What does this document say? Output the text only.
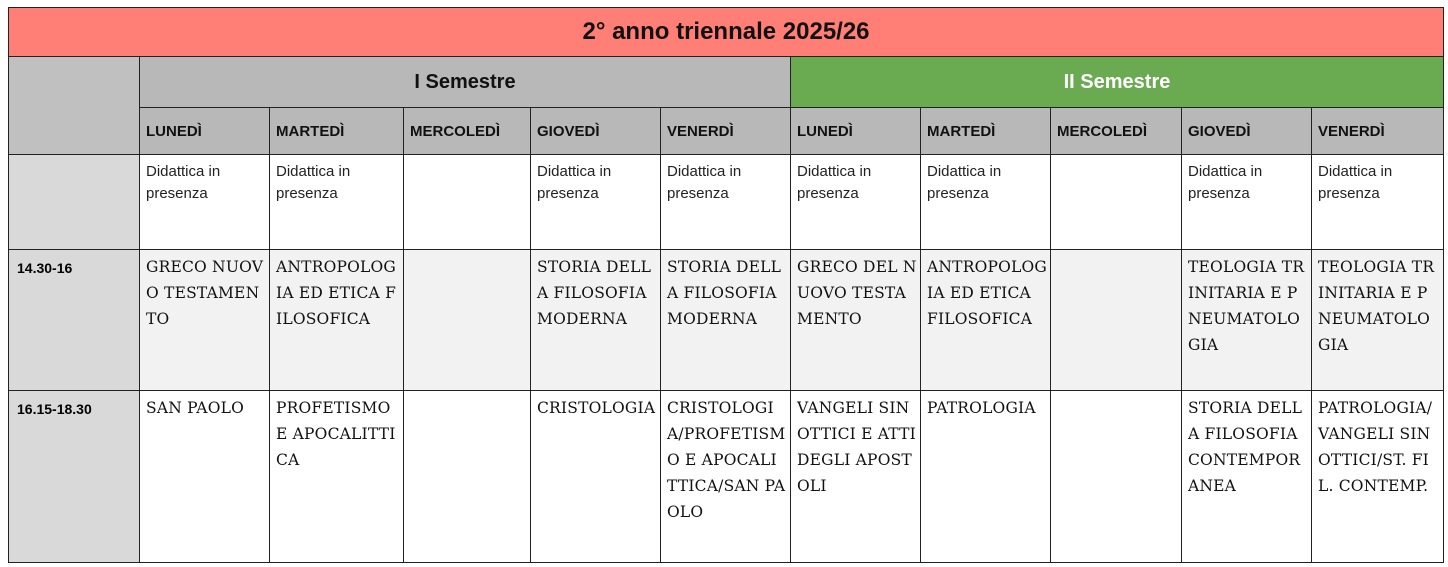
2° anno triennale 2025/26										
	I Semestre					II Semestre				
	LUNEDÌ	MARTEDÌ	MERCOLEDÌ	GIOVEDÌ	VENERDÌ	LUNEDÌ	MARTEDÌ	MERCOLEDÌ	GIOVEDÌ	VENERDÌ
	Didattica in presenza	Didattica in presenza		Didattica in presenza	Didattica in presenza	Didattica in presenza	Didattica in presenza		Didattica in presenza	Didattica in presenza
14.30-16	GRECO NUOVO TESTAMENTO	ANTROPOLOGIA ED ETICA FILOSOFICA		STORIA DELLA FILOSOFIA MODERNA	STORIA DELLA FILOSOFIA MODERNA	GRECO DEL NUOVO TESTAMENTO	ANTROPOLOGIA ED ETICA FILOSOFICA		TEOLOGIA TRINITARIA E PNEUMATOLOGIA	TEOLOGIA TRINITARIA E PNEUMATOLOGIA
16.15-18.30	SAN PAOLO	PROFETISMO E APOCALITTICA		CRISTOLOGIA	CRISTOLOGIA/PROFETISMO E APOCALITTICA/SAN PAOLO	VANGELI SINOTTICI E ATTI DEGLI APOSTOLI	PATROLOGIA		STORIA DELLA FILOSOFIA CONTEMPORANEA	PATROLOGIA/VANGELI SINOTTICI/ST. FIL. CONTEMP.
